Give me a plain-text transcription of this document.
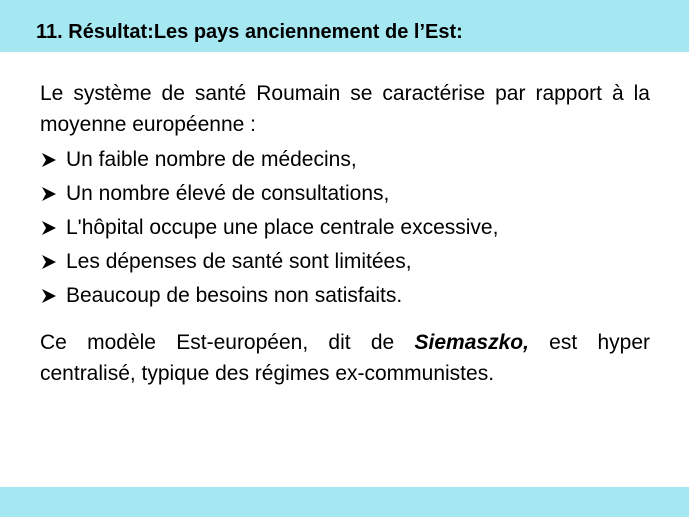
11. Résultat:Les pays anciennement de l’Est:

Le système de santé Roumain se caractérise par rapport à la moyenne européenne :

Un faible nombre de médecins,
Un nombre élevé de consultations,
L'hôpital occupe une place centrale excessive,
Les dépenses de santé sont limitées,
Beaucoup de besoins non satisfaits.

Ce modèle Est-européen, dit de Siemaszko, est hyper centralisé, typique des régimes ex-communistes.
